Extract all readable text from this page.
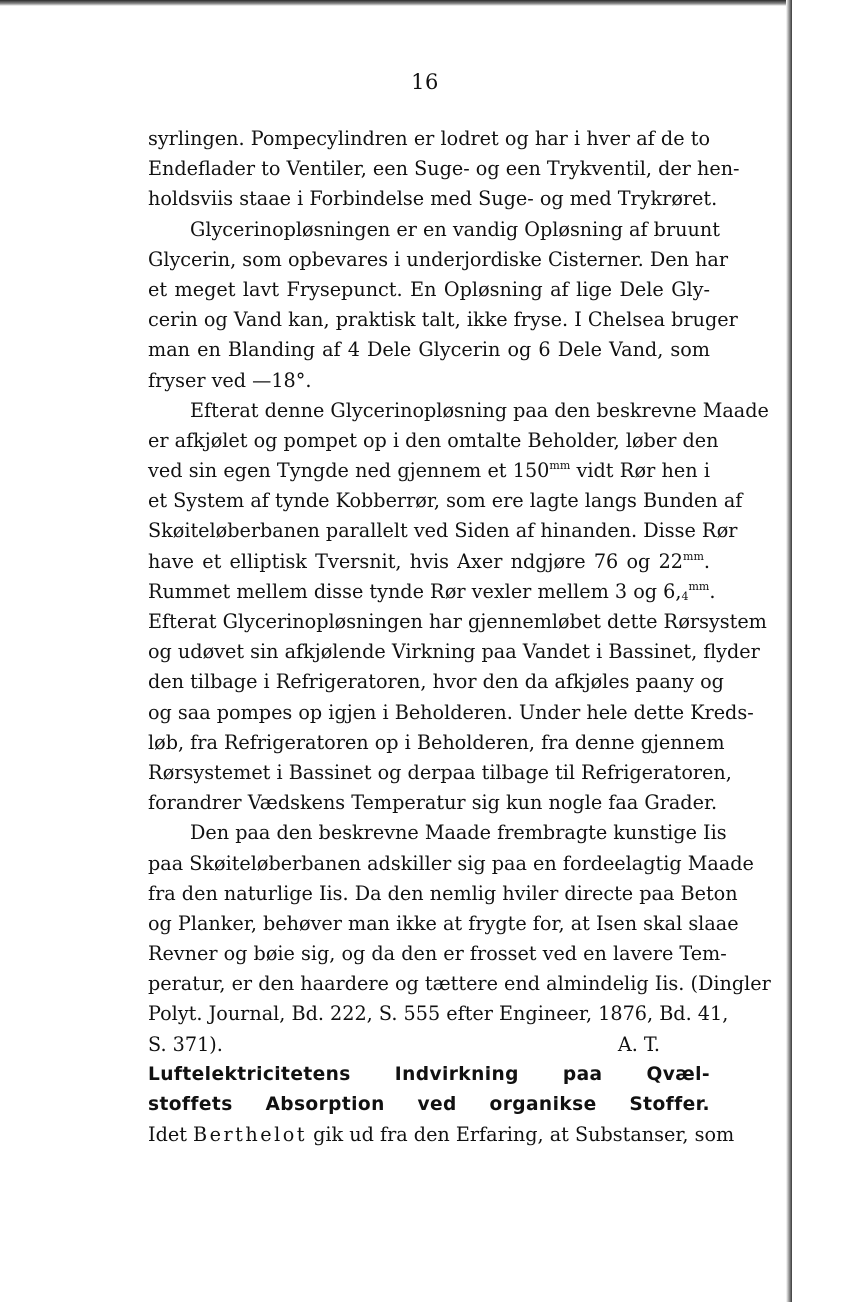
16
syrlingen. Pompecylindren er lodret og har i hver af de to
Endeflader to Ventiler, een Suge- og een Trykventil, der hen-
holdsviis staae i Forbindelse med Suge- og med Trykrøret.
Glycerinopløsningen er en vandig Opløsning af bruunt
Glycerin, som opbevares i underjordiske Cisterner. Den har
et meget lavt Frysepunct. En Opløsning af lige Dele Gly-
cerin og Vand kan, praktisk talt, ikke fryse. I Chelsea bruger
man en Blanding af 4 Dele Glycerin og 6 Dele Vand, som
fryser ved —18°.
Efterat denne Glycerinopløsning paa den beskrevne Maade
er afkjølet og pompet op i den omtalte Beholder, løber den
ved sin egen Tyngde ned gjennem et $150^{mm}$ vidt Rør hen i
et System af tynde Kobberrør, som ere lagte langs Bunden af
Skøiteløberbanen parallelt ved Siden af hinanden. Disse Rør
have et elliptisk Tversnit, hvis Axer ndgjøre 76 og $22^{mm}$.
Rummet mellem disse tynde Rør vexler mellem 3 og $6,_4^{mm}$.
Efterat Glycerinopløsningen har gjennemløbet dette Rørsystem
og udøvet sin afkjølende Virkning paa Vandet i Bassinet, flyder
den tilbage i Refrigeratoren, hvor den da afkjøles paany og
og saa pompes op igjen i Beholderen. Under hele dette Kreds-
løb, fra Refrigeratoren op i Beholderen, fra denne gjennem
Rørsystemet i Bassinet og derpaa tilbage til Refrigeratoren,
forandrer Vædskens Temperatur sig kun nogle faa Grader.
Den paa den beskrevne Maade frembragte kunstige Iis
paa Skøiteløberbanen adskiller sig paa en fordeelagtig Maade
fra den naturlige Iis. Da den nemlig hviler directe paa Beton
og Planker, behøver man ikke at frygte for, at Isen skal slaae
Revner og bøie sig, og da den er frosset ved en lavere Tem-
peratur, er den haardere og tættere end almindelig Iis. (Dingler
Polyt. Journal, Bd. 222, S. 555 efter Engineer, 1876, Bd. 41,
S. 371).	A. T.
Luftelektricitetens Indvirkning paa Qvæl-
stoffets Absorption ved organikse Stoffer.
Idet Berthelot gik ud fra den Erfaring, at Substanser, som
